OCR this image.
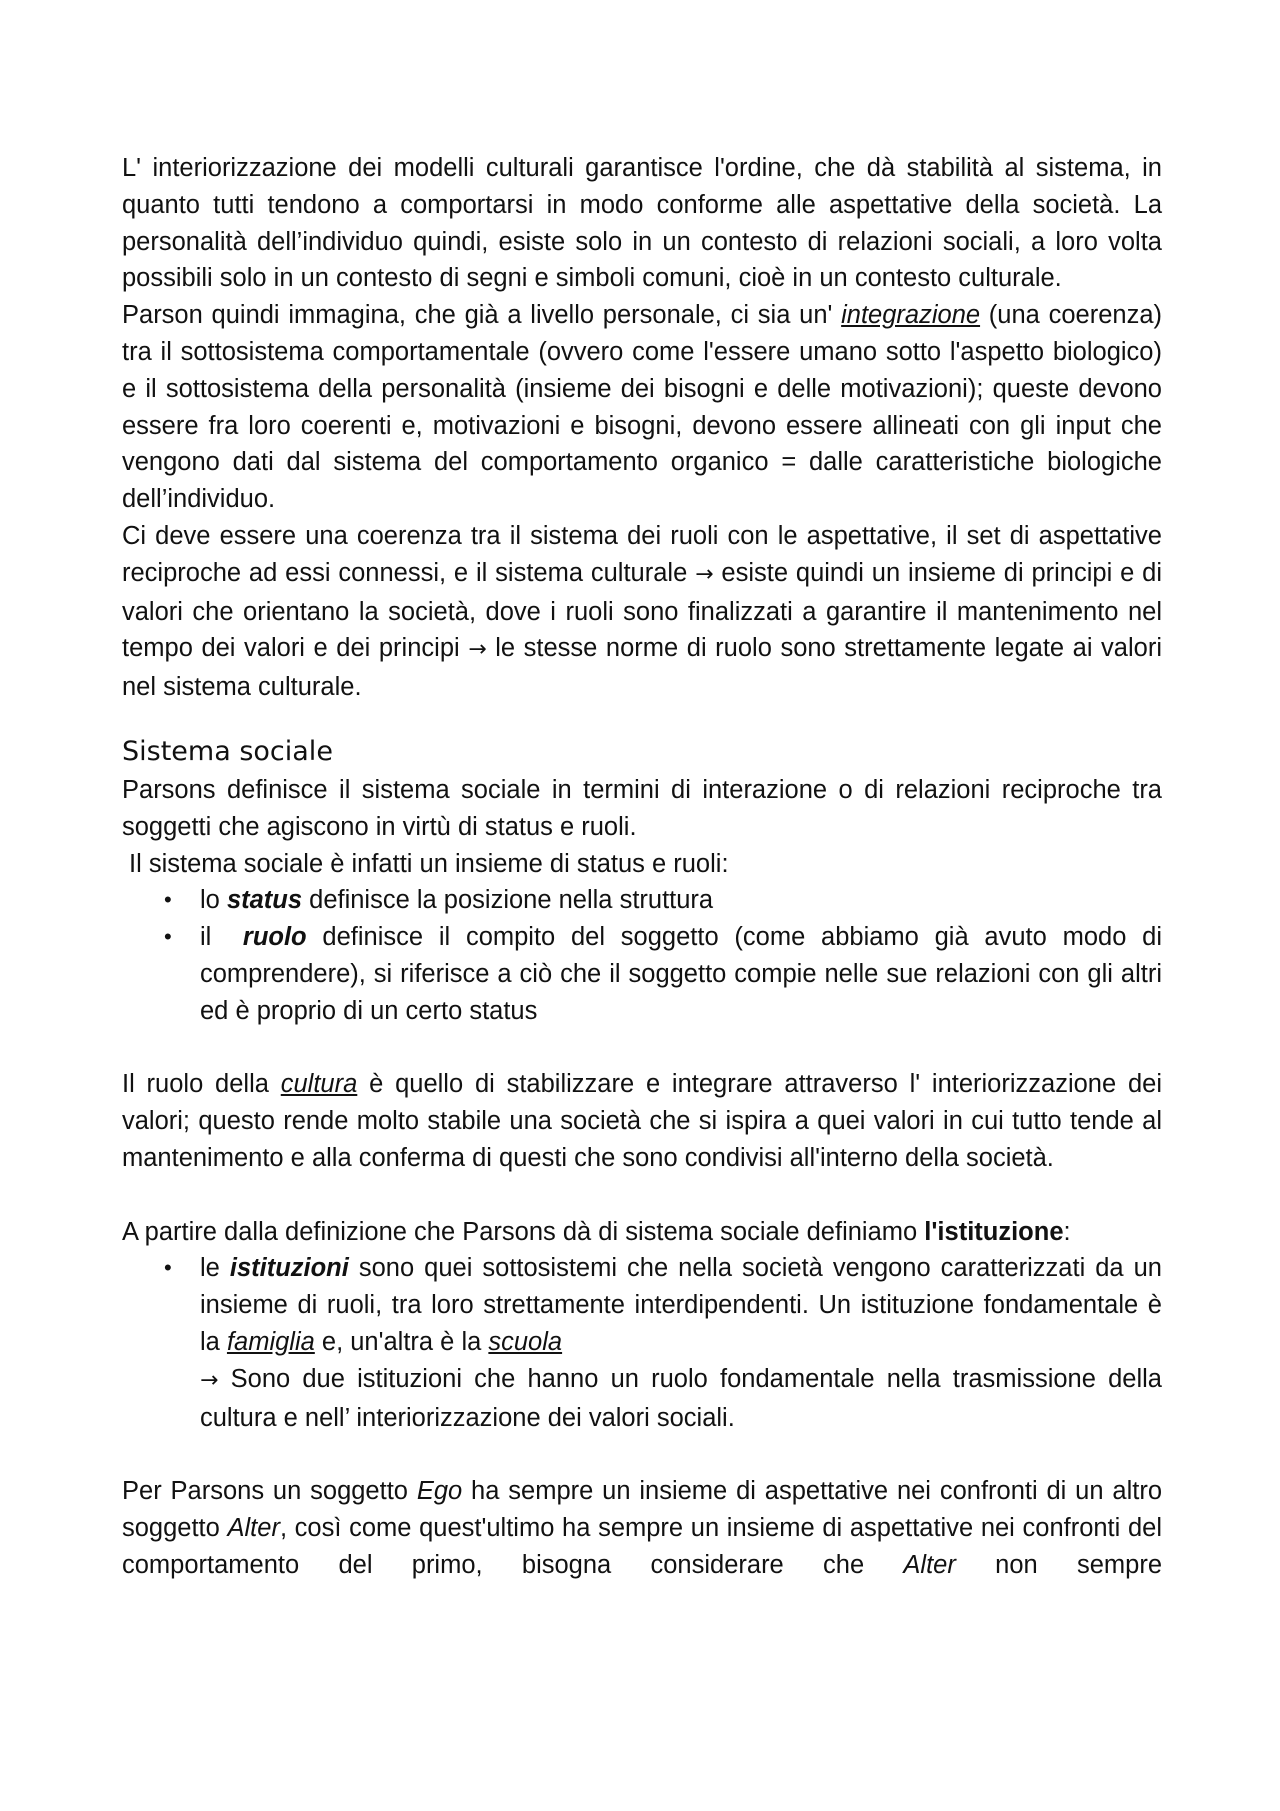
L' interiorizzazione dei modelli culturali garantisce l'ordine, che dà stabilità al sistema, in quanto tutti tendono a comportarsi in modo conforme alle aspettative della società. La personalità dell’individuo quindi, esiste solo in un contesto di relazioni sociali, a loro volta possibili solo in un contesto di segni e simboli comuni, cioè in un contesto culturale.

Parson quindi immagina, che già a livello personale, ci sia un' integrazione (una coerenza) tra il sottosistema comportamentale (ovvero come l'essere umano sotto l'aspetto biologico) e il sottosistema della personalità (insieme dei bisogni e delle motivazioni); queste devono essere fra loro coerenti e, motivazioni e bisogni, devono essere allineati con gli input che vengono dati dal sistema del comportamento organico = dalle caratteristiche biologiche dell’individuo.

Ci deve essere una coerenza tra il sistema dei ruoli con le aspettative, il set di aspettative reciproche ad essi connessi, e il sistema culturale → esiste quindi un insieme di principi e di valori che orientano la società, dove i ruoli sono finalizzati a garantire il mantenimento nel tempo dei valori e dei principi → le stesse norme di ruolo sono strettamente legate ai valori nel sistema culturale.

Sistema sociale

Parsons definisce il sistema sociale in termini di interazione o di relazioni reciproche tra soggetti che agiscono in virtù di status e ruoli.

Il sistema sociale è infatti un insieme di status e ruoli:

• lo status definisce la posizione nella struttura
• il  ruolo definisce il compito del soggetto (come abbiamo già avuto modo di comprendere), si riferisce a ciò che il soggetto compie nelle sue relazioni con gli altri ed è proprio di un certo status

Il ruolo della cultura è quello di stabilizzare e integrare attraverso l' interiorizzazione dei valori; questo rende molto stabile una società che si ispira a quei valori in cui tutto tende al mantenimento e alla conferma di questi che sono condivisi all'interno della società.

A partire dalla definizione che Parsons dà di sistema sociale definiamo l'istituzione:

• le istituzioni sono quei sottosistemi che nella società vengono caratterizzati da un insieme di ruoli, tra loro strettamente interdipendenti. Un istituzione fondamentale è la famiglia e, un'altra è la scuola
→ Sono due istituzioni che hanno un ruolo fondamentale nella trasmissione della cultura e nell’ interiorizzazione dei valori sociali.

Per Parsons un soggetto Ego ha sempre un insieme di aspettative nei confronti di un altro soggetto Alter, così come quest'ultimo ha sempre un insieme di aspettative nei confronti del comportamento del primo, bisogna considerare che Alter non sempre
